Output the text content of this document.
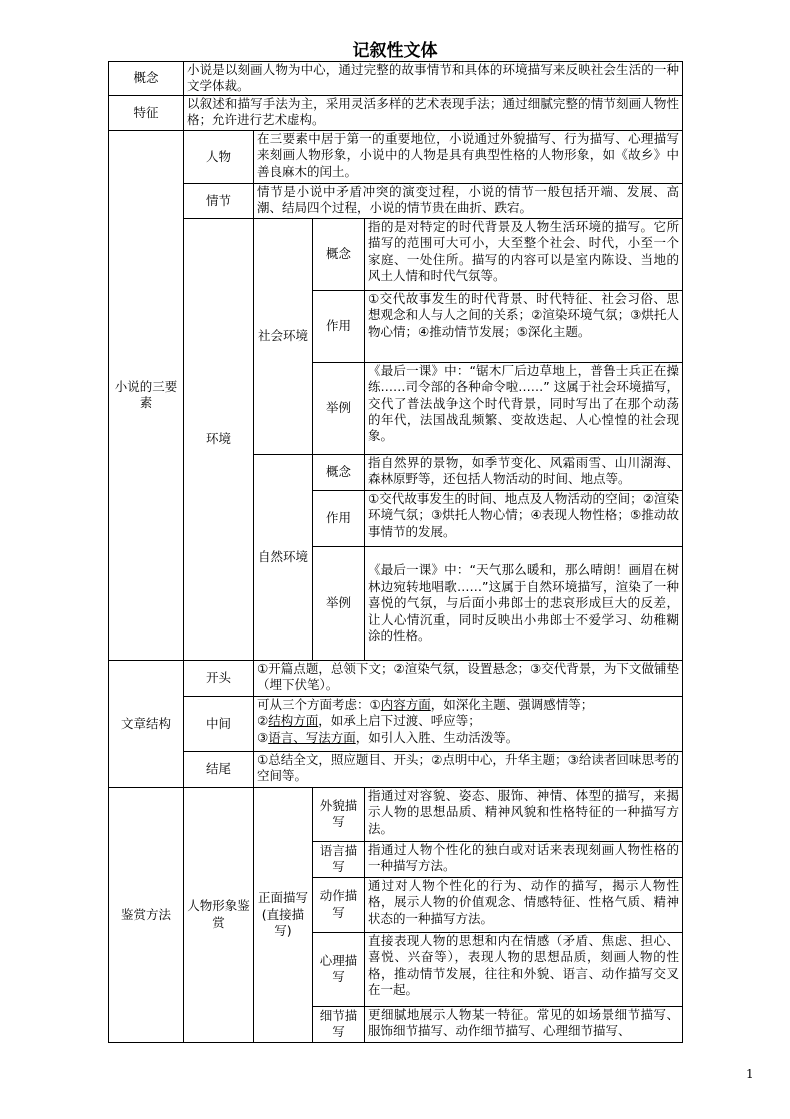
记叙性文体
概念	小说是以刻画人物为中心，通过完整的故事情节和具体的环境描写来反映社会生活的一种文学体裁。			
特征	以叙述和描写手法为主，采用灵活多样的艺术表现手法；通过细腻完整的情节刻画人物性格；允许进行艺术虚构。			
小说的三要素	人物	在三要素中居于第一的重要地位，小说通过外貌描写、行为描写、心理描写来刻画人物形象，小说中的人物是具有典型性格的人物形象，如《故乡》中善良麻木的闰土。		
	情节	情节是小说中矛盾冲突的演变过程，小说的情节一般包括开端、发展、高潮、结局四个过程，小说的情节贵在曲折、跌宕。		
	环境	社会环境	概念	指的是对特定的时代背景及人物生活环境的描写。它所描写的范围可大可小，大至整个社会、时代，小至一个家庭、一处住所。描写的内容可以是室内陈设、当地的风土人情和时代气氛等。
			作用	①交代故事发生的时代背景、时代特征、社会习俗、思想观念和人与人之间的关系；②渲染环境气氛；③烘托人物心情；④推动情节发展；⑤深化主题。
			举例	《最后一课》中：“锯木厂后边草地上，普鲁士兵正在操练……司令部的各种命令啦……” 这属于社会环境描写，交代了普法战争这个时代背景，同时写出了在那个动荡的年代，法国战乱频繁、变故迭起、人心惶惶的社会现象。
		自然环境	概念	指自然界的景物，如季节变化、风霜雨雪、山川湖海、森林原野等，还包括人物活动的时间、地点等。
			作用	①交代故事发生的时间、地点及人物活动的空间；②渲染环境气氛；③烘托人物心情；④表现人物性格；⑤推动故事情节的发展。
			举例	《最后一课》中：“天气那么暖和，那么晴朗！画眉在树林边宛转地唱歌……”这属于自然环境描写，渲染了一种喜悦的气氛，与后面小弗郎士的悲哀形成巨大的反差，让人心情沉重，同时反映出小弗郎士不爱学习、幼稚糊涂的性格。
文章结构	开头	①开篇点题，总领下文；②渲染气氛，设置悬念；③交代背景，为下文做铺垫（埋下伏笔）。		
	中间	可从三个方面考虑：①内容方面，如深化主题、强调感情等；
②结构方面，如承上启下过渡、呼应等；
③语言、写法方面，如引人入胜、生动活泼等。		

	结尾	①总结全文，照应题目、开头；②点明中心，升华主题；③给读者回味思考的空间等。		
鉴赏方法	人物形象鉴赏	正面描写(直接描写)	外貌描写	指通过对容貌、姿态、服饰、神情、体型的描写，来揭示人物的思想品质、精神风貌和性格特征的一种描写方法。
			语言描写	指通过人物个性化的独白或对话来表现刻画人物性格的一种描写方法。
			动作描写	通过对人物个性化的行为、动作的描写，揭示人物性格，展示人物的价值观念、情感特征、性格气质、精神状态的一种描写方法。
			心理描写	直接表现人物的思想和内在情感（矛盾、焦虑、担心、喜悦、兴奋等），表现人物的思想品质，刻画人物的性格，推动情节发展，往往和外貌、语言、动作描写交叉在一起。
			细节描写	更细腻地展示人物某一特征。常见的如场景细节描写、服饰细节描写、动作细节描写、心理细节描写、
1
